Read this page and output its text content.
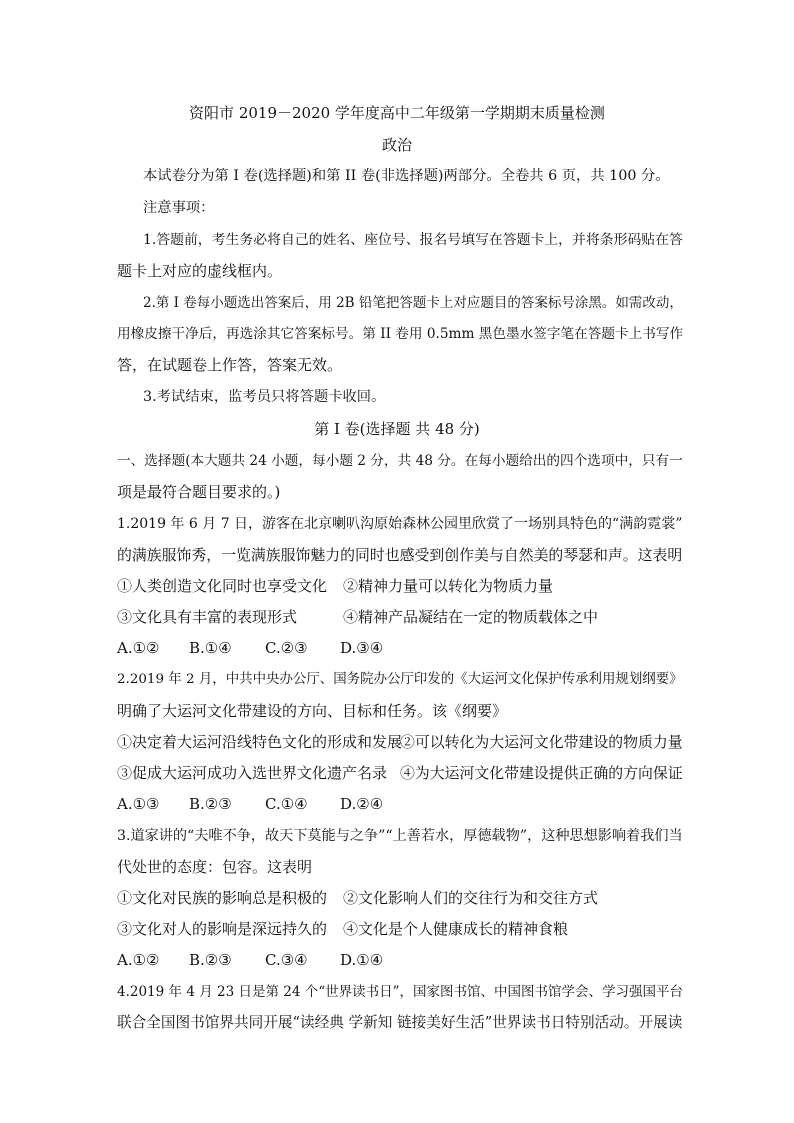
资阳市 2019－2020 学年度高中二年级第一学期期末质量检测
政治
本试卷分为第 I 卷(选择题)和第 II 卷(非选择题)两部分。全卷共 6 页，共 100 分。
注意事项：
1.答题前，考生务必将自己的姓名、座位号、报名号填写在答题卡上，并将条形码贴在答
题卡上对应的虚线框内。
2.第 I 卷每小题选出答案后，用 2B 铅笔把答题卡上对应题目的答案标号涂黑。如需改动，
用橡皮擦干净后，再选涂其它答案标号。第 II 卷用 0.5mm 黑色墨水签字笔在答题卡上书写作
答，在试题卷上作答，答案无效。
3.考试结束，监考员只将答题卡收回。
第 I 卷(选择题 共 48 分)
一、选择题(本大题共 24 小题，每小题 2 分，共 48 分。在每小题给出的四个选项中，只有一
项是最符合题目要求的。)
1.2019 年 6 月 7 日，游客在北京喇叭沟原始森林公园里欣赏了一场别具特色的“满韵霓裳”
的满族服饰秀，一览满族服饰魅力的同时也感受到创作美与自然美的琴瑟和声。这表明
①人类创造文化同时也享受文化 ②精神力量可以转化为物质力量
③文化具有丰富的表现形式	④精神产品凝结在一定的物质载体之中
A.①② B.①④ C.②③ D.③④
2.2019 年 2 月，中共中央办公厅、国务院办公厅印发的《大运河文化保护传承利用规划纲要》
明确了大运河文化带建设的方向、目标和任务。该《纲要》
①决定着大运河沿线特色文化的形成和发展
②可以转化为大运河文化带建设的物质力量
③促成大运河成功入选世界文化遗产名录 ④为大运河文化带建设提供正确的方向保证
A.①③ B.②③ C.①④ D.②④
3.道家讲的“夫唯不争，故天下莫能与之争”“上善若水，厚德载物”，这种思想影响着我们当
代处世的态度：包容。这表明
①文化对民族的影响总是积极的 ②文化影响人们的交往行为和交往方式
③文化对人的影响是深远持久的 ④文化是个人健康成长的精神食粮
A.①② B.②③ C.③④ D.①④
4.2019 年 4 月 23 日是第 24 个“世界读书日”，国家图书馆、中国图书馆学会、学习强国平台
联合全国图书馆界共同开展“读经典 学新知 链接美好生活”世界读书日特别活动。开展读
